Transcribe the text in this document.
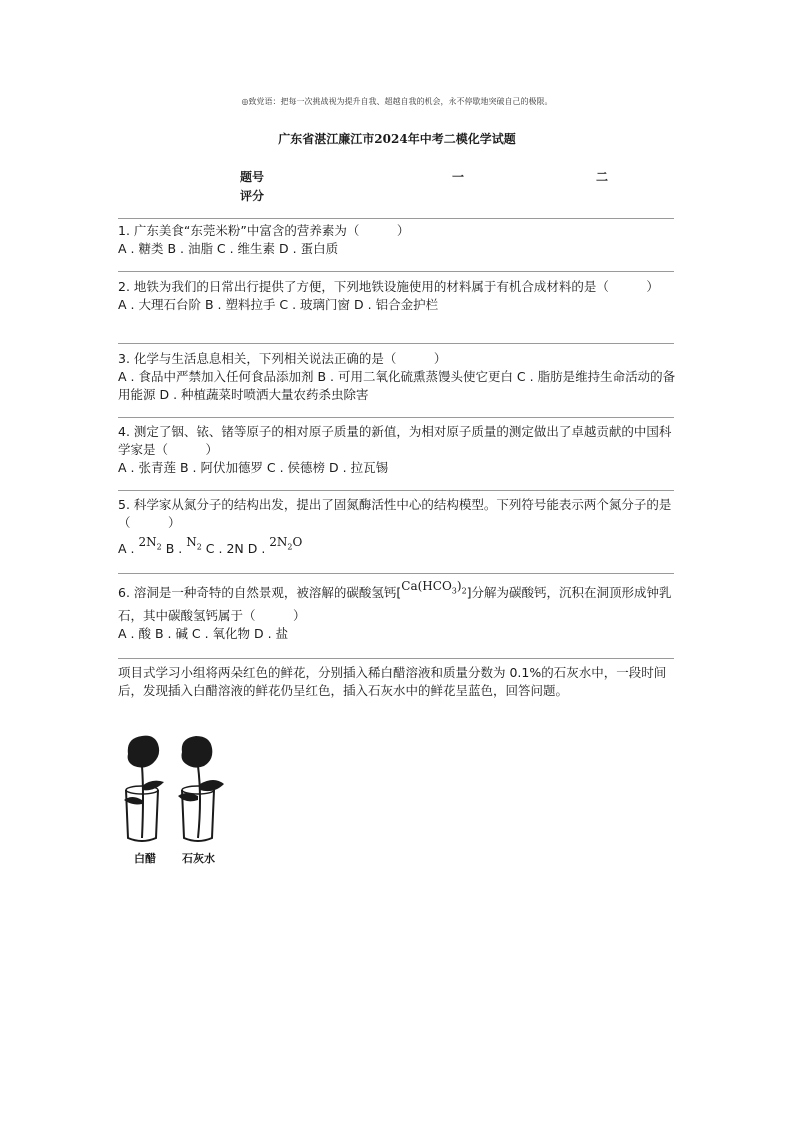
◎致党语：把每一次挑战视为提升自我、超越自我的机会，永不停歇地突破自己的极限。
广东省湛江廉江市2024年中考二模化学试题
题号	一	二
评分
1. 广东美食“东莞米粉”中富含的营养素为（　　　）
A . 糖类 B . 油脂 C . 维生素 D . 蛋白质
2. 地铁为我们的日常出行提供了方便，下列地铁设施使用的材料属于有机合成材料的是（　　　）
A . 大理石台阶 B . 塑料拉手 C . 玻璃门窗 D . 铝合金护栏
3. 化学与生活息息相关，下列相关说法正确的是（　　　）
A . 食品中严禁加入任何食品添加剂 B . 可用二氧化硫熏蒸馒头使它更白 C . 脂肪是维持生命活动的备用能源 D . 种植蔬菜时喷洒大量农药杀虫除害
4. 测定了铟、铱、锗等原子的相对原子质量的新值，为相对原子质量的测定做出了卓越贡献的中国科学家是（　　　）
A . 张青莲 B . 阿伏加德罗 C . 侯德榜 D . 拉瓦锡
5. 科学家从氮分子的结构出发，提出了固氮酶活性中心的结构模型。下列符号能表示两个氮分子的是（　　　）
A . $2N_2$ B . $N_2$ C . 2N D . $2N_2O$
6. 溶洞是一种奇特的自然景观，被溶解的碳酸氢钙$[Ca(HCO_3)_2]$分解为碳酸钙，沉积在洞顶形成钟乳石，其中碳酸氢钙属于（　　　）
A . 酸 B . 碱 C . 氧化物 D . 盐
项目式学习小组将两朵红色的鲜花，分别插入稀白醋溶液和质量分数为 0.1%的石灰水中，一段时间后，发现插入白醋溶液的鲜花仍呈红色，插入石灰水中的鲜花呈蓝色，回答问题。
白醋 石灰水
